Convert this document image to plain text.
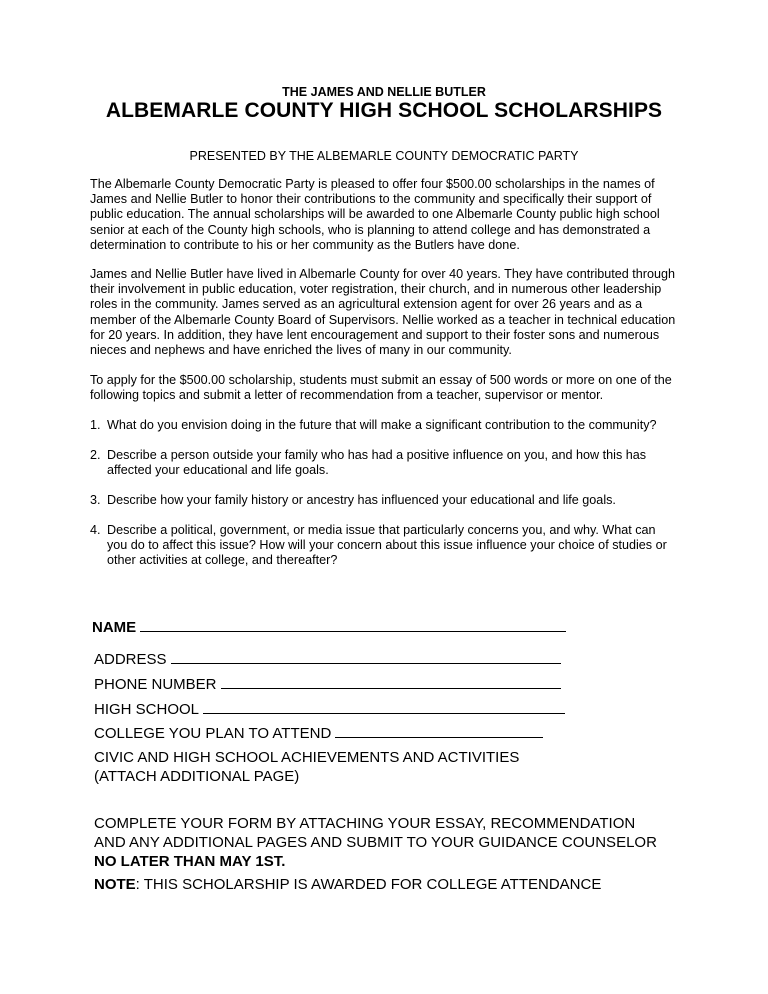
THE JAMES AND NELLIE BUTLER
ALBEMARLE COUNTY HIGH SCHOOL SCHOLARSHIPS
PRESENTED BY THE ALBEMARLE COUNTY DEMOCRATIC PARTY
The Albemarle County Democratic Party is pleased to offer four $500.00 scholarships in the names of
James and Nellie Butler to honor their contributions to the community and specifically their support of
public education. The annual scholarships will be awarded to one Albemarle County public high school
senior at each of the County high schools, who is planning to attend college and has demonstrated a
determination to contribute to his or her community as the Butlers have done.
James and Nellie Butler have lived in Albemarle County for over 40 years. They have contributed through
their involvement in public education, voter registration, their church, and in numerous other leadership
roles in the community. James served as an agricultural extension agent for over 26 years and as a
member of the Albemarle County Board of Supervisors. Nellie worked as a teacher in technical education
for 20 years. In addition, they have lent encouragement and support to their foster sons and numerous
nieces and nephews and have enriched the lives of many in our community.
To apply for the $500.00 scholarship, students must submit an essay of 500 words or more on one of the
following topics and submit a letter of recommendation from a teacher, supervisor or mentor.
1. What do you envision doing in the future that will make a significant contribution to the community?
2. Describe a person outside your family who has had a positive influence on you, and how this has
affected your educational and life goals.
3. Describe how your family history or ancestry has influenced your educational and life goals.
4. Describe a political, government, or media issue that particularly concerns you, and why. What can
you do to affect this issue? How will your concern about this issue influence your choice of studies or
other activities at college, and thereafter?
NAME
ADDRESS
PHONE NUMBER
HIGH SCHOOL
COLLEGE YOU PLAN TO ATTEND
CIVIC AND HIGH SCHOOL ACHIEVEMENTS AND ACTIVITIES
(ATTACH ADDITIONAL PAGE)
COMPLETE YOUR FORM BY ATTACHING YOUR ESSAY, RECOMMENDATION
AND ANY ADDITIONAL PAGES AND SUBMIT TO YOUR GUIDANCE COUNSELOR
NO LATER THAN MAY 1ST.
NOTE: THIS SCHOLARSHIP IS AWARDED FOR COLLEGE ATTENDANCE
